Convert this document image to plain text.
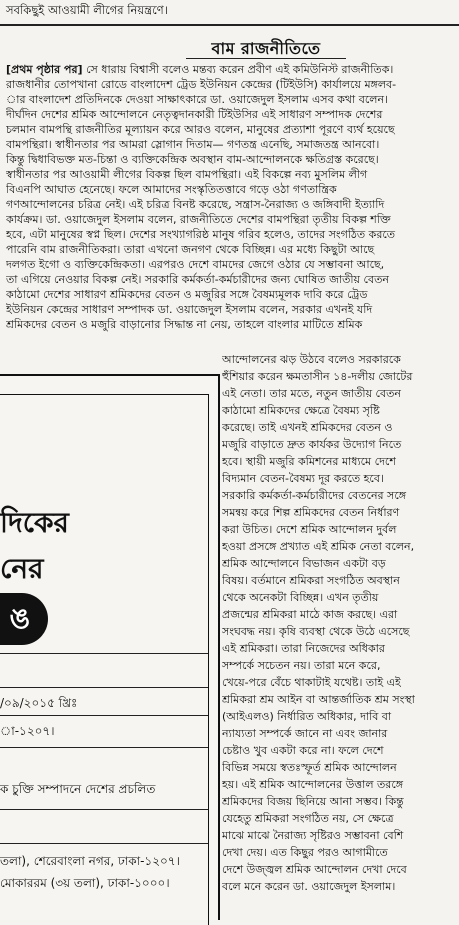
সবকিছুই আওয়ামী লীগের নিয়ন্ত্রণে।
বাম রাজনীতিতে
[প্রথম পৃষ্ঠার পর] সে ধারায় বিশ্বাসী বলেও মন্তব্য করেন প্রবীণ এই কমিউনিস্ট রাজনীতিক।
রাজধানীর তোপখানা রোডে বাংলাদেশ ট্রেড ইউনিয়ন কেন্দ্রের (টিইউসি) কার্যালয়ে মঙ্গলব-
ার বাংলাদেশ প্রতিদিনকে দেওয়া সাক্ষাৎকারে ডা. ওয়াজেদুল ইসলাম এসব কথা বলেন।
দীর্ঘদিন দেশের শ্রমিক আন্দোলনে নেতৃত্বদানকারী টিইউসির এই সাধারণ সম্পাদক দেশের
চলমান বামপন্থি রাজনীতির মূল্যায়ন করে আরও বলেন, মানুষের প্রত্যাশা পূরণে ব্যর্থ হয়েছে
বামপন্থিরা। স্বাধীনতার পর আমরা স্লোগান দিতাম— গণতন্ত্র এনেছি, সমাজতন্ত্র আনবো।
কিন্তু দ্বিধাবিভক্ত মত-চিন্তা ও ব্যক্তিকেন্দ্রিক অবস্থান বাম-আন্দোলনকে ক্ষতিগ্রস্ত করেছে।
স্বাধীনতার পর আওয়ামী লীগের বিকল্প ছিল বামপন্থিরা। এই বিকল্পে নব্য মুসলিম লীগ
বিএনপি আঘাত হেনেছে। ফলে আমাদের সংস্কৃতিতত্তাবে গড়ে ওঠা গণতান্ত্রিক
গণআন্দোলনের চরিত্র নেই। এই চরিত্র বিনষ্ট করেছে, সন্ত্রাস-নৈরাজ্য ও জঙ্গিবাদী ইত্যাদি
কার্যক্রম। ডা. ওয়াজেদুল ইসলাম বলেন, রাজনীতিতে দেশের বামপন্থিরা তৃতীয় বিকল্প শক্তি
হবে, এটা মানুষের স্বপ্ন ছিল। দেশের সংখ্যাগরিষ্ঠ মানুষ গরিব হলেও, তাদের সংগঠিত করতে
পারেনি বাম রাজনীতিকরা। তারা এখনো জনগণ থেকে বিচ্ছিন্ন। এর মধ্যে কিছুটা আছে
দলগত ইগো ও ব্যক্তিকেন্দ্রিকতা। এরপরও দেশে বামদের জেগে ওঠার যে সম্ভাবনা আছে,
তা এগিয়ে নেওয়ার বিকল্প নেই। সরকারি কর্মকর্তা-কর্মচারীদের জন্য ঘোষিত জাতীয় বেতন
কাঠামো দেশের সাধারণ শ্রমিকদের বেতন ও মজুরির সঙ্গে বৈষম্যমূলক দাবি করে ট্রেড
ইউনিয়ন কেন্দ্রের সাধারণ সম্পাদক ডা. ওয়াজেদুল ইসলাম বলেন, সরকার এখনই যদি
শ্রমিকদের বেতন ও মজুরি বাড়ানোর সিদ্ধান্ত না নেয়, তাহলে বাংলার মাটিতে শ্রমিক
দিকের
নের
ঙ
/০৯/২০১৫ খ্রিঃ
া-১২০৭।
ক চুক্তি সম্পাদনে দেশের প্রচলিত
তলা), শেরেবাংলা নগর, ঢাকা-১২০৭।
মোকাররম (৩য় তলা), ঢাকা-১০০০।
আন্দোলনের ঝড় উঠবে বলেও সরকারকে
হুঁশিয়ার করেন ক্ষমতাসীন ১৪-দলীয় জোটের
এই নেতা। তার মতে, নতুন জাতীয় বেতন
কাঠামো শ্রমিকদের ক্ষেত্রে বৈষম্য সৃষ্টি
করেছে। তাই এখনই শ্রমিকদের বেতন ও
মজুরি বাড়াতে দ্রুত কার্যকর উদ্যোগ নিতে
হবে। স্থায়ী মজুরি কমিশনের মাধ্যমে দেশে
বিদ্যমান বেতন-বৈষম্য দূর করতে হবে।
সরকারি কর্মকর্তা-কর্মচারীদের বেতনের সঙ্গে
সমন্বয় করে শিল্প শ্রমিকদের বেতন নির্ধারণ
করা উচিত। দেশে শ্রমিক আন্দোলন দুর্বল
হওয়া প্রসঙ্গে প্রখ্যাত এই শ্রমিক নেতা বলেন,
শ্রমিক আন্দোলনে বিভাজন একটা বড়
বিষয়। বর্তমানে শ্রমিকরা সংগঠিত অবস্থান
থেকে অনেকটা বিচ্ছিন্ন। এখন তৃতীয়
প্রজন্মের শ্রমিকরা মাঠে কাজ করছে। এরা
সংঘবদ্ধ নয়। কৃষি ব্যবস্থা থেকে উঠে এসেছে
এই শ্রমিকরা। তারা নিজেদের অধিকার
সম্পর্কে সচেতন নয়। তারা মনে করে,
খেয়ে-পরে বেঁচে থাকাটাই যথেষ্ট। তাই এই
শ্রমিকরা শ্রম আইন বা আন্তর্জাতিক শ্রম সংস্থা
(আইএলও) নির্ধারিত অধিকার, দাবি বা
ন্যায্যতা সম্পর্কে জানে না এবং জানার
চেষ্টাও খুব একটা করে না। ফলে দেশে
বিভিন্ন সময়ে স্বতঃস্ফূর্ত শ্রমিক আন্দোলন
হয়। এই শ্রমিক আন্দোলনের উত্তাল তরঙ্গে
শ্রমিকদের বিজয় ছিনিয়ে আনা সম্ভব। কিন্তু
যেহেতু শ্রমিকরা সংগঠিত নয়, সে ক্ষেত্রে
মাঝে মাঝে নৈরাজ্য সৃষ্টিরও সম্ভাবনা বেশি
দেখা দেয়। এত কিছুর পরও আগামীতে
দেশে উজ্জ্বল শ্রমিক আন্দোলন দেখা দেবে
বলে মনে করেন ডা. ওয়াজেদুল ইসলাম।
